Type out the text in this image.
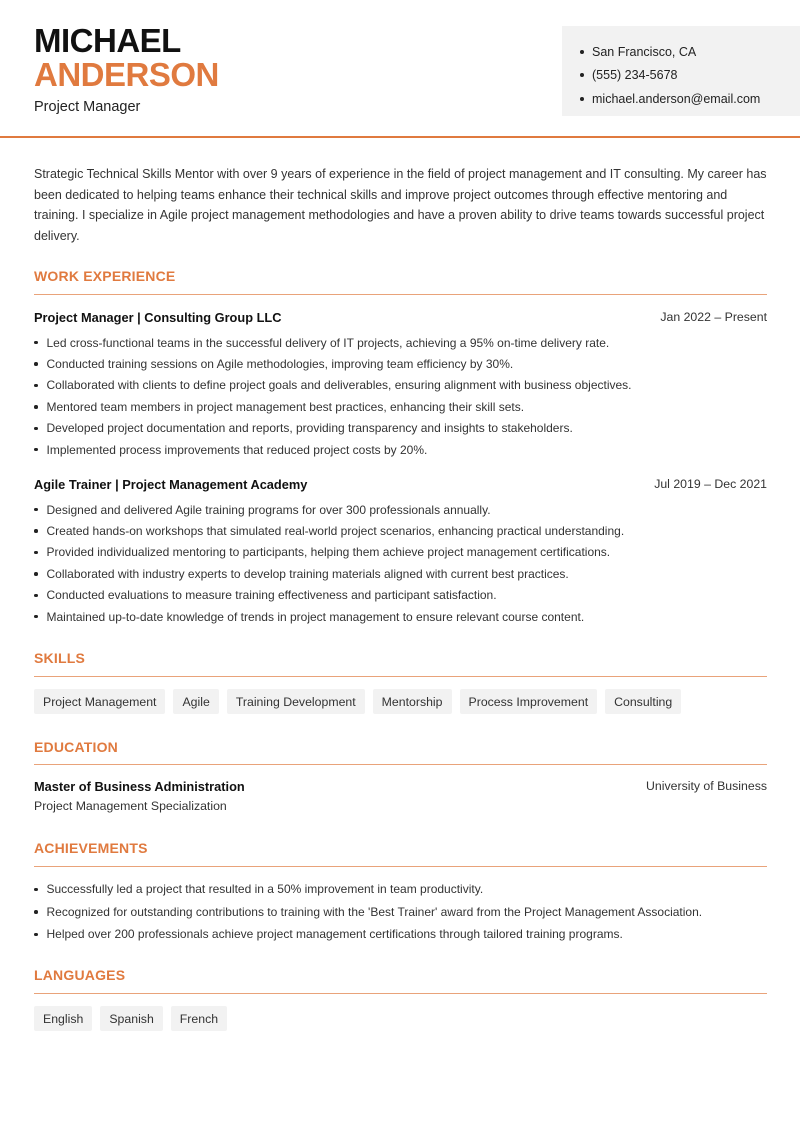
MICHAEL
ANDERSON
Project Manager
San Francisco, CA
(555) 234-5678
michael.anderson@email.com

Strategic Technical Skills Mentor with over 9 years of experience in the field of project management and IT consulting. My career has been dedicated to helping teams enhance their technical skills and improve project outcomes through effective mentoring and training. I specialize in Agile project management methodologies and have a proven ability to drive teams towards successful project delivery.

WORK EXPERIENCE
Project Manager | Consulting Group LLC	Jan 2022 – Present
Led cross-functional teams in the successful delivery of IT projects, achieving a 95% on-time delivery rate.
Conducted training sessions on Agile methodologies, improving team efficiency by 30%.
Collaborated with clients to define project goals and deliverables, ensuring alignment with business objectives.
Mentored team members in project management best practices, enhancing their skill sets.
Developed project documentation and reports, providing transparency and insights to stakeholders.
Implemented process improvements that reduced project costs by 20%.
Agile Trainer | Project Management Academy	Jul 2019 – Dec 2021
Designed and delivered Agile training programs for over 300 professionals annually.
Created hands-on workshops that simulated real-world project scenarios, enhancing practical understanding.
Provided individualized mentoring to participants, helping them achieve project management certifications.
Collaborated with industry experts to develop training materials aligned with current best practices.
Conducted evaluations to measure training effectiveness and participant satisfaction.
Maintained up-to-date knowledge of trends in project management to ensure relevant course content.
SKILLS
Project Management	Agile	Training Development	Mentorship	Process Improvement	Consulting
EDUCATION
Master of Business Administration	University of Business
Project Management Specialization
ACHIEVEMENTS
Successfully led a project that resulted in a 50% improvement in team productivity.
Recognized for outstanding contributions to training with the 'Best Trainer' award from the Project Management Association.
Helped over 200 professionals achieve project management certifications through tailored training programs.
LANGUAGES
English	Spanish	French
